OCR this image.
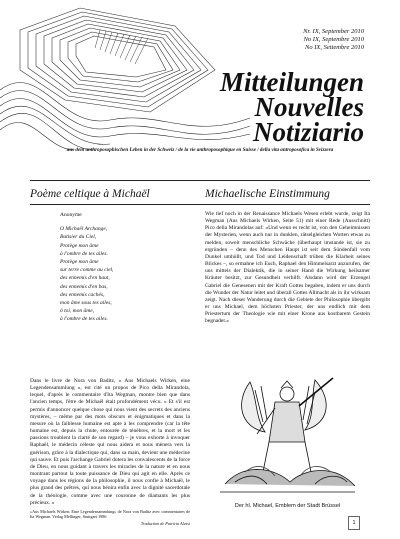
Nr. IX, September 2010
No IX, Septembre 2010
No IX, Settembre 2010
Mitteilungen
Nouvelles
Notiziario
aus dem anthroposophischen Leben in der Schweiz / de la vie anthroposophique en Suisse / della vita antroposofica in Svizzera
Poème celtique à Michaël	Michaelische Einstimmung
Anonyme
O Michaël Archange,
Batisier du Ciel,
Protège mon âme
à l'ombre de tes ailes.
Protège mon âme
sur terre comme au ciel,
des ennemis d'en haut,
des ennemis d'en bas,
des ennemis cachés,
mon âme sous tes ailes,
ô toi, mon âme,
à l'ombre de tes ailes.

Dans le livre de Nora von Baditz, « Aus Michaels Wirken, eine Legendensammlung », est cité un propos de Pico della Mirandola, lequel, d'après le commentaire d'Ita Wegman, montre bien que dans l'ancien temps, l'être de Michaël était profondément vécu. « Et s'il est permis d'annoncer quelque chose qui nous vient des secrets des anciens mystères, – même par des mots obscurs et énigmatiques et dans la mesure où la faiblesse humaine est apte à les comprendre (car la tête humaine est, depuis la chute, entourée de ténèbres, et la mort et les passions troublent la clarté de son regard) – je vous exhorte à invoquer Raphaël, le médecin céleste qui nous aidera et nous mènera vers la guérison, grâce à la dialectique qui, dans sa main, devient une médecine qui sauve. Et puis l'archange Gabriel dotera les convalescents de la force de Dieu, en nous guidant à travers les miracles de la nature et en nous montrant partout la toute puissance de Dieu qui agit en elle. Après ce voyage dans les régions de la philosophie, il nous confie à Michaël, le plus grand des prêtres, qui nous bénira enfin avec la dignité sacerdotale de la théologie, comme avec une couronne de diamants les plus précieux. »

«Aus Michaels Wirken. Eine Legendensammlung» de Nora von Baditz avec commentaires de Ita Wegman. Verlag Mellinger, Stuttgart 1986
Traduction de Patricia Alessi

Wie tief noch in der Renaissance Michaels Wesen erlebt wurde, zeigt Ita Wegman (Aus Michaels Wirken, Seite 51) mit einer Rede (Ausschnitt) Pico della Mirandolas auf: «Und wenn es recht ist, von den Geheimnissen der Mysterien, wenn auch nur in dunklen, rätselgleichen Worten etwas zu melden, soweit menschliche Schwäche (überhaupt imstande ist, sie zu ergründen – denn des Menschen Haupt ist seit dem Sündenfall vom Dunkel umhüllt, und Tod und Leidenschaft trüben die Klarheit seines Blickes –, so ermahne ich Euch, Raphael den Himmelsarzt anzurufen, der uns mittels der Dialektik, die in seiner Hand die Wirkung heilsamer Kräuter besitzt, zur Gesundheit verhilft. Alsdann wird der Erzengel Gabriel die Genesenen mit der Kraft Gottes begaben, indem er uns durch die Wunder der Natur leitet und überall Gottes Allmacht als in ihr wirksam zeigt. Nach dieser Wanderung durch die Gebiete der Philosophie übergibt er uns Michael, dem höchsten Priester, der uns endlich mit dem Priestertum der Theologie wie mit einer Krone aus kostbarem Gestein begnadet.»

Der hl. Michael, Emblem der Stadt Brüssel
1
